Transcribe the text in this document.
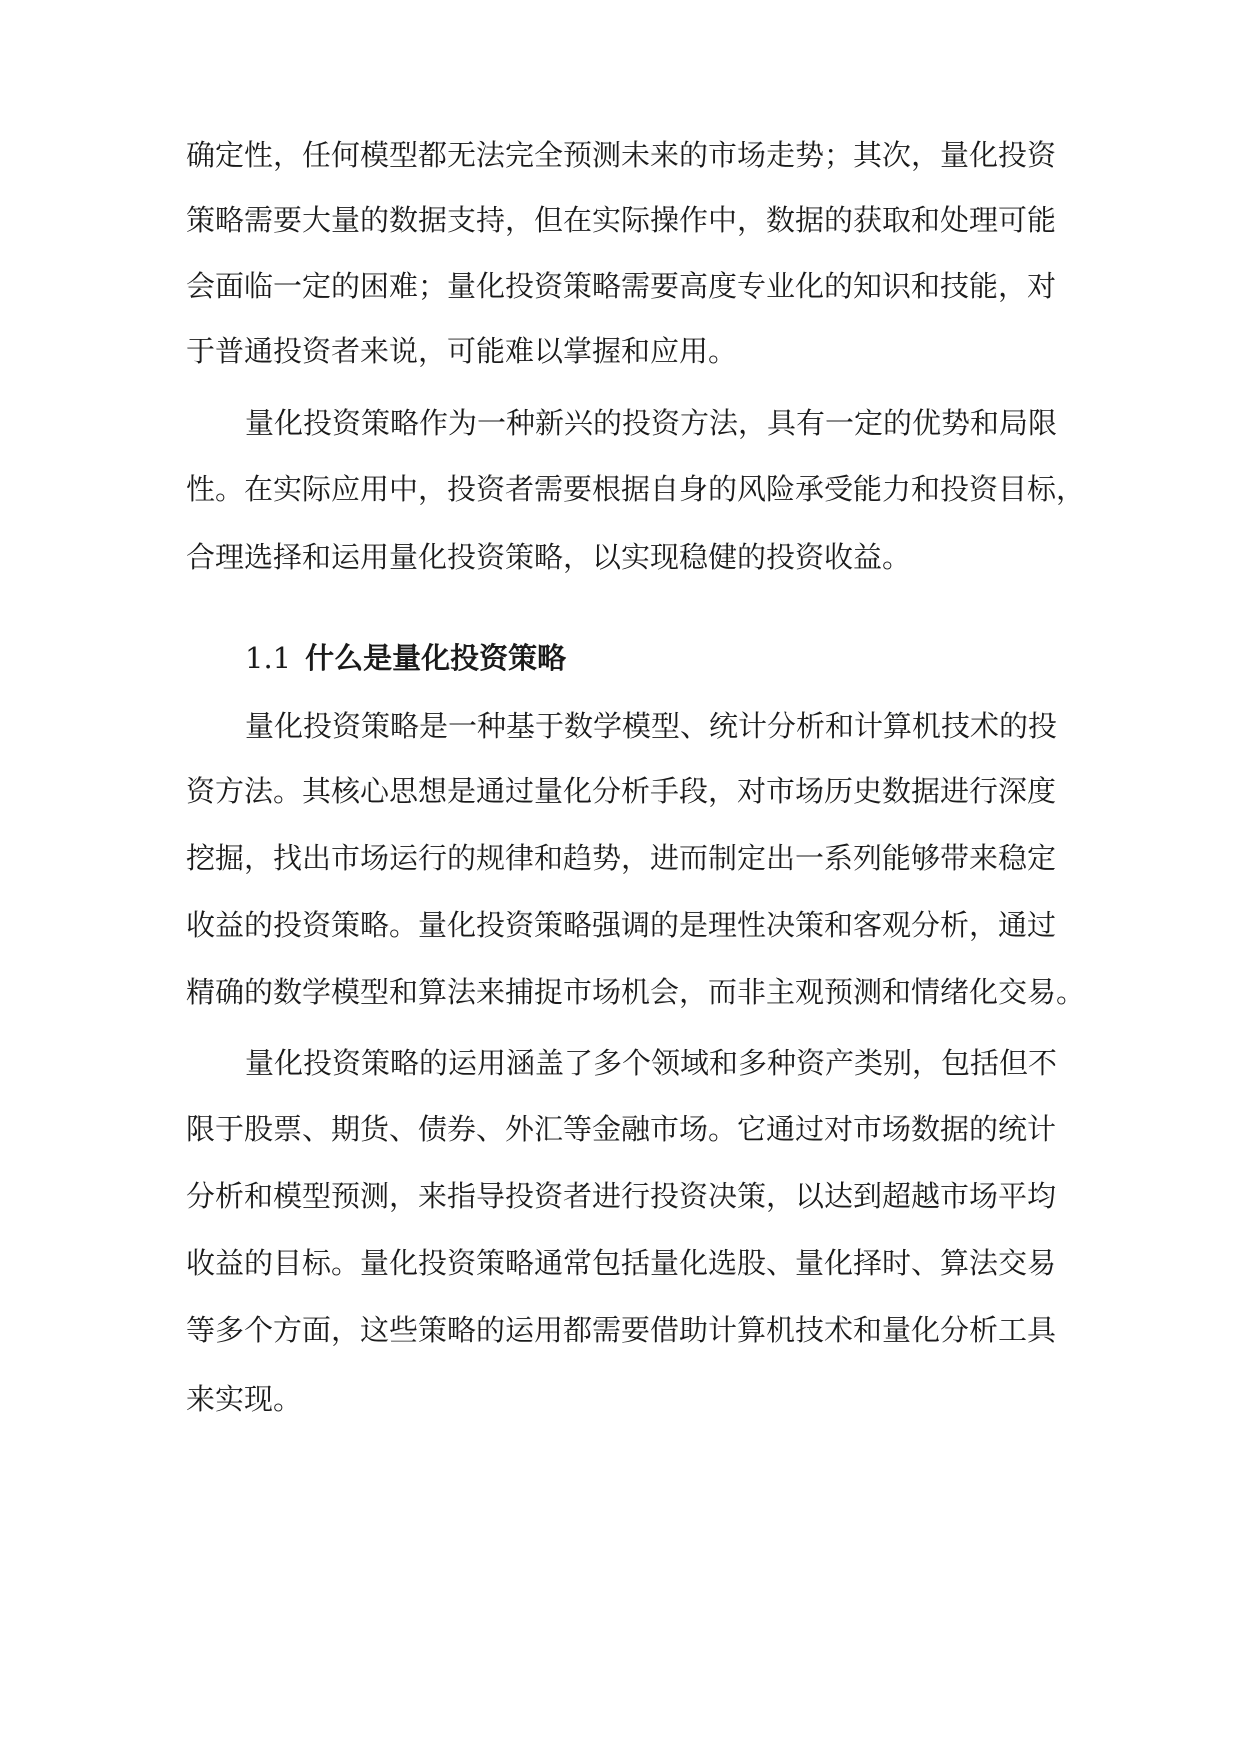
确定性，任何模型都无法完全预测未来的市场走势；其次，量化投资
策略需要大量的数据支持，但在实际操作中，数据的获取和处理可能
会面临一定的困难；量化投资策略需要高度专业化的知识和技能，对
于普通投资者来说，可能难以掌握和应用。
量化投资策略作为一种新兴的投资方法，具有一定的优势和局限
性。在实际应用中，投资者需要根据自身的风险承受能力和投资目标，
合理选择和运用量化投资策略，以实现稳健的投资收益。
1.1 什么是量化投资策略
量化投资策略是一种基于数学模型、统计分析和计算机技术的投
资方法。其核心思想是通过量化分析手段，对市场历史数据进行深度
挖掘，找出市场运行的规律和趋势，进而制定出一系列能够带来稳定
收益的投资策略。量化投资策略强调的是理性决策和客观分析，通过
精确的数学模型和算法来捕捉市场机会，而非主观预测和情绪化交易。
量化投资策略的运用涵盖了多个领域和多种资产类别，包括但不
限于股票、期货、债券、外汇等金融市场。它通过对市场数据的统计
分析和模型预测，来指导投资者进行投资决策，以达到超越市场平均
收益的目标。量化投资策略通常包括量化选股、量化择时、算法交易
等多个方面，这些策略的运用都需要借助计算机技术和量化分析工具
来实现。
